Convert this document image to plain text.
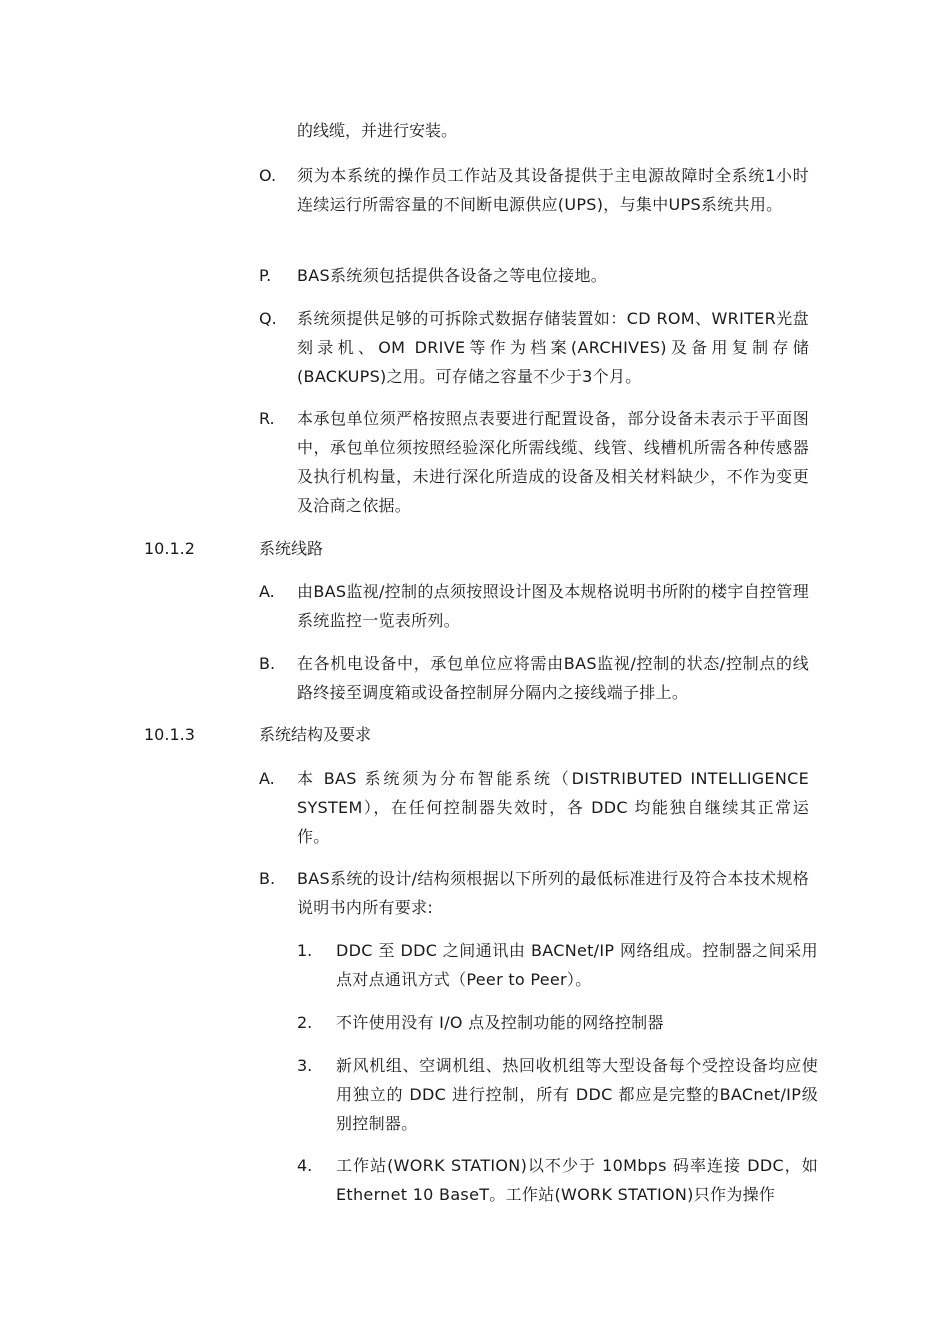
的线缆，并进行安装。
O. 须为本系统的操作员工作站及其设备提供于主电源故障时全系统1小时连续运行所需容量的不间断电源供应(UPS)，与集中UPS系统共用。
P. BAS系统须包括提供各设备之等电位接地。
Q. 系统须提供足够的可拆除式数据存储装置如：CD ROM、WRITER光盘刻录机、OM DRIVE等作为档案(ARCHIVES)及备用复制存储(BACKUPS)之用。可存储之容量不少于3个月。
R. 本承包单位须严格按照点表要进行配置设备，部分设备未表示于平面图中，承包单位须按照经验深化所需线缆、线管、线槽机所需各种传感器及执行机构量，未进行深化所造成的设备及相关材料缺少，不作为变更及洽商之依据。
10.1.2	系统线路
A. 由BAS监视/控制的点须按照设计图及本规格说明书所附的楼宇自控管理系统监控一览表所列。
B. 在各机电设备中，承包单位应将需由BAS监视/控制的状态/控制点的线路终接至调度箱或设备控制屏分隔内之接线端子排上。
10.1.3	系统结构及要求
A. 本 BAS 系统须为分布智能系统（DISTRIBUTED INTELLIGENCE SYSTEM），在任何控制器失效时，各 DDC 均能独自继续其正常运作。
B. BAS系统的设计/结构须根据以下所列的最低标准进行及符合本技术规格说明书内所有要求:
1. DDC 至 DDC 之间通讯由 BACNet/IP 网络组成。控制器之间采用点对点通讯方式（Peer to Peer）。
2. 不许使用没有 I/O 点及控制功能的网络控制器
3. 新风机组、空调机组、热回收机组等大型设备每个受控设备均应使用独立的 DDC 进行控制，所有 DDC 都应是完整的BACnet/IP级别控制器。
4. 工作站(WORK STATION)以不少于 10Mbps 码率连接 DDC，如 Ethernet 10 BaseT。工作站(WORK STATION)只作为操作
